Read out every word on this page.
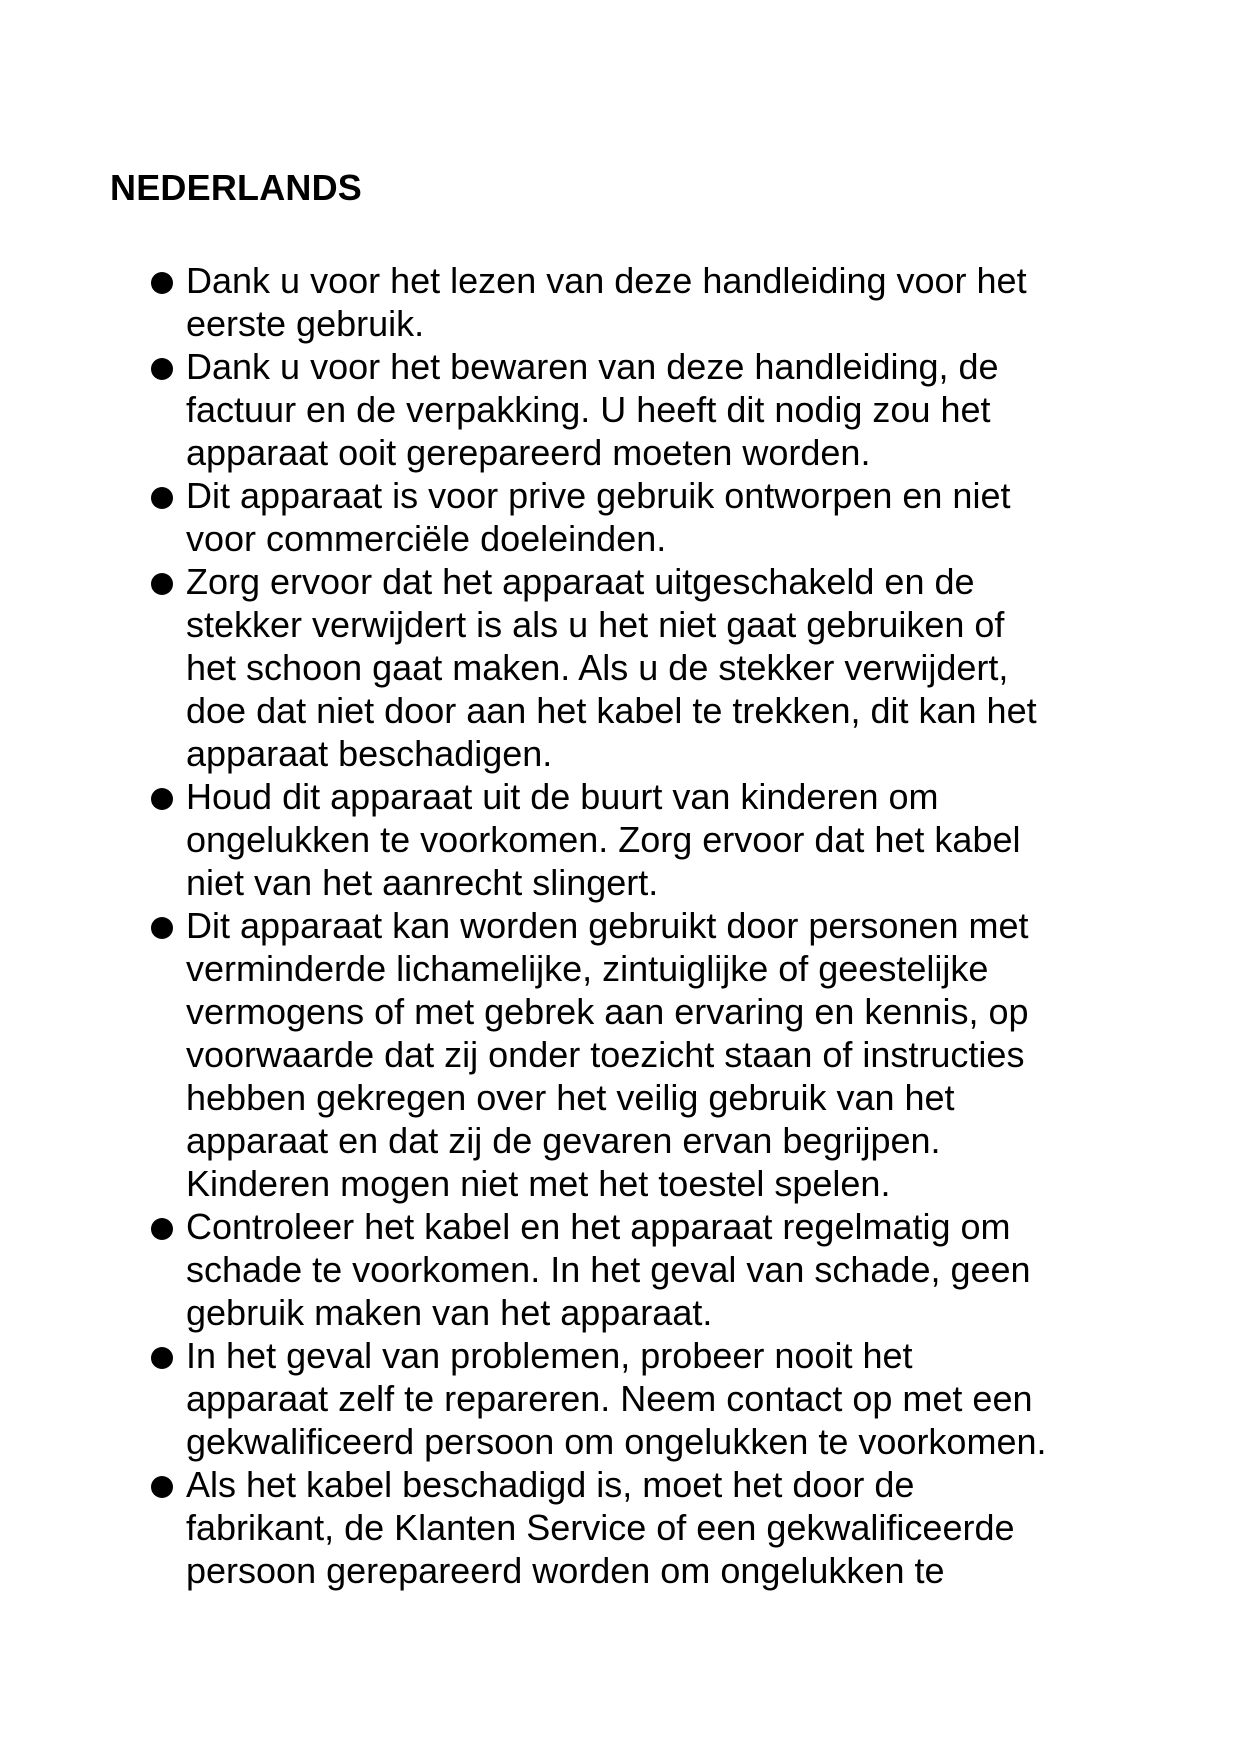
NEDERLANDS
Dank u voor het lezen van deze handleiding voor het
eerste gebruik.
Dank u voor het bewaren van deze handleiding, de
factuur en de verpakking. U heeft dit nodig zou het
apparaat ooit gerepareerd moeten worden.
Dit apparaat is voor prive gebruik ontworpen en niet
voor commerciële doeleinden.
Zorg ervoor dat het apparaat uitgeschakeld en de
stekker verwijdert is als u het niet gaat gebruiken of
het schoon gaat maken. Als u de stekker verwijdert,
doe dat niet door aan het kabel te trekken, dit kan het
apparaat beschadigen.
Houd dit apparaat uit de buurt van kinderen om
ongelukken te voorkomen. Zorg ervoor dat het kabel
niet van het aanrecht slingert.
Dit apparaat kan worden gebruikt door personen met
verminderde lichamelijke, zintuiglijke of geestelijke
vermogens of met gebrek aan ervaring en kennis, op
voorwaarde dat zij onder toezicht staan of instructies
hebben gekregen over het veilig gebruik van het
apparaat en dat zij de gevaren ervan begrijpen.
Kinderen mogen niet met het toestel spelen.
Controleer het kabel en het apparaat regelmatig om
schade te voorkomen. In het geval van schade, geen
gebruik maken van het apparaat.
In het geval van problemen, probeer nooit het
apparaat zelf te repareren. Neem contact op met een
gekwalificeerd persoon om ongelukken te voorkomen.
Als het kabel beschadigd is, moet het door de
fabrikant, de Klanten Service of een gekwalificeerde
persoon gerepareerd worden om ongelukken te
